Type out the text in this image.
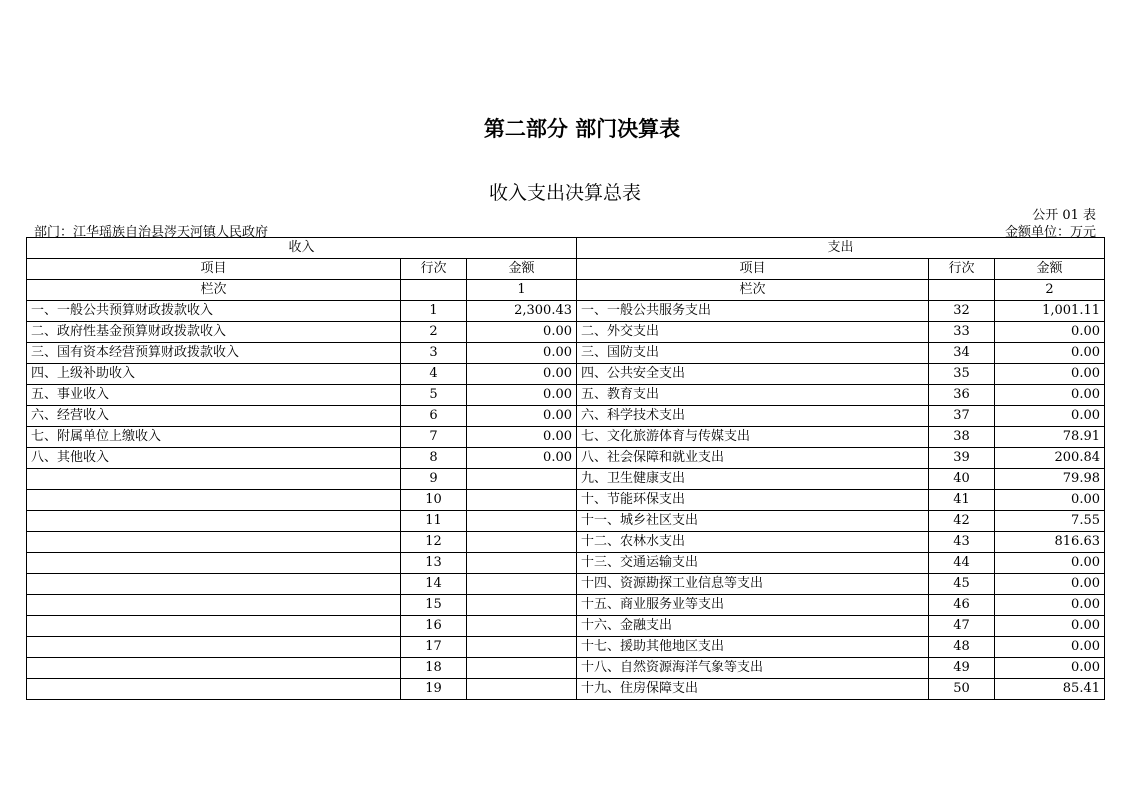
第二部分 部门决算表
收入支出决算总表
公开 01 表
部门：江华瑶族自治县涔天河镇人民政府	金额单位：万元
收入			支出		
项目	行次	金额	项目	行次	金额
栏次		1	栏次		2
一、一般公共预算财政拨款收入	1	2,300.43	一、一般公共服务支出	32	1,001.11
二、政府性基金预算财政拨款收入	2	0.00	二、外交支出	33	0.00
三、国有资本经营预算财政拨款收入	3	0.00	三、国防支出	34	0.00
四、上级补助收入	4	0.00	四、公共安全支出	35	0.00
五、事业收入	5	0.00	五、教育支出	36	0.00
六、经营收入	6	0.00	六、科学技术支出	37	0.00
七、附属单位上缴收入	7	0.00	七、文化旅游体育与传媒支出	38	78.91
八、其他收入	8	0.00	八、社会保障和就业支出	39	200.84
	9		九、卫生健康支出	40	79.98
	10		十、节能环保支出	41	0.00
	11		十一、城乡社区支出	42	7.55
	12		十二、农林水支出	43	816.63
	13		十三、交通运输支出	44	0.00
	14		十四、资源勘探工业信息等支出	45	0.00
	15		十五、商业服务业等支出	46	0.00
	16		十六、金融支出	47	0.00
	17		十七、援助其他地区支出	48	0.00
	18		十八、自然资源海洋气象等支出	49	0.00
	19		十九、住房保障支出	50	85.41
